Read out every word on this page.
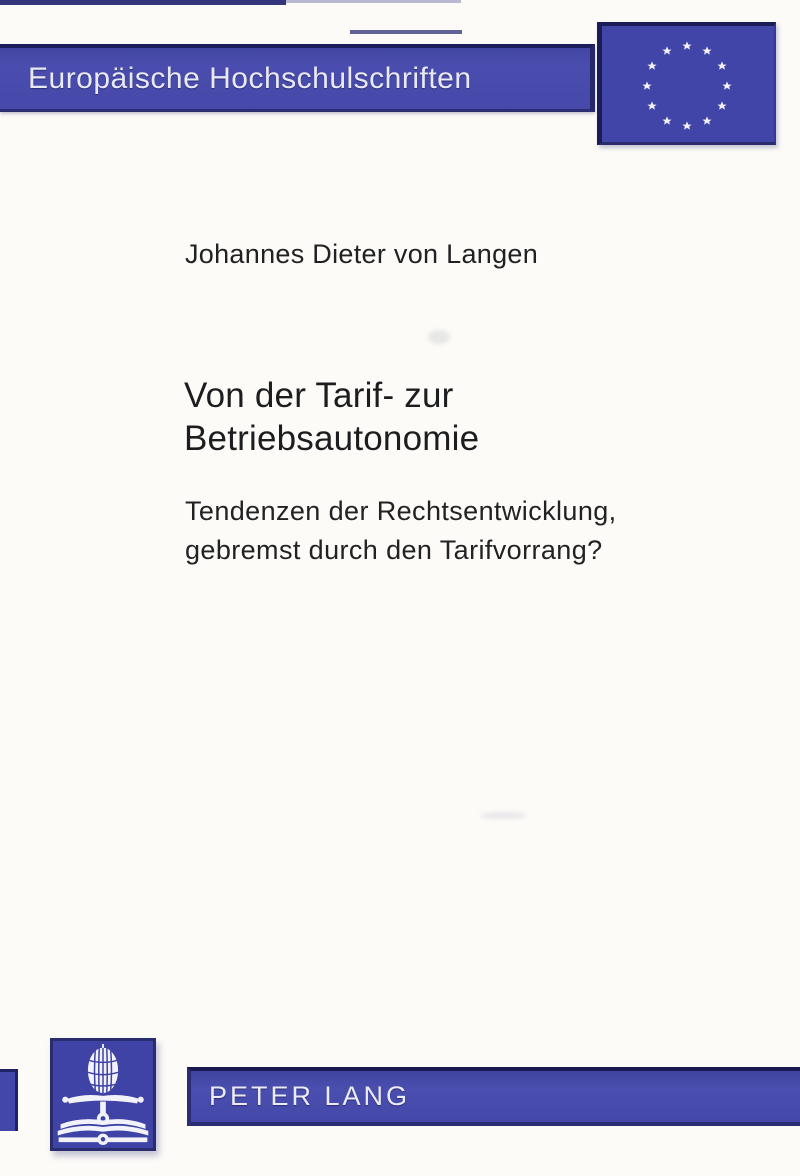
Europäische Hochschulschriften
Johannes Dieter von Langen
Von der Tarif- zur
Betriebsautonomie
Tendenzen der Rechtsentwicklung,
gebremst durch den Tarifvorrang?
PETER LANG
